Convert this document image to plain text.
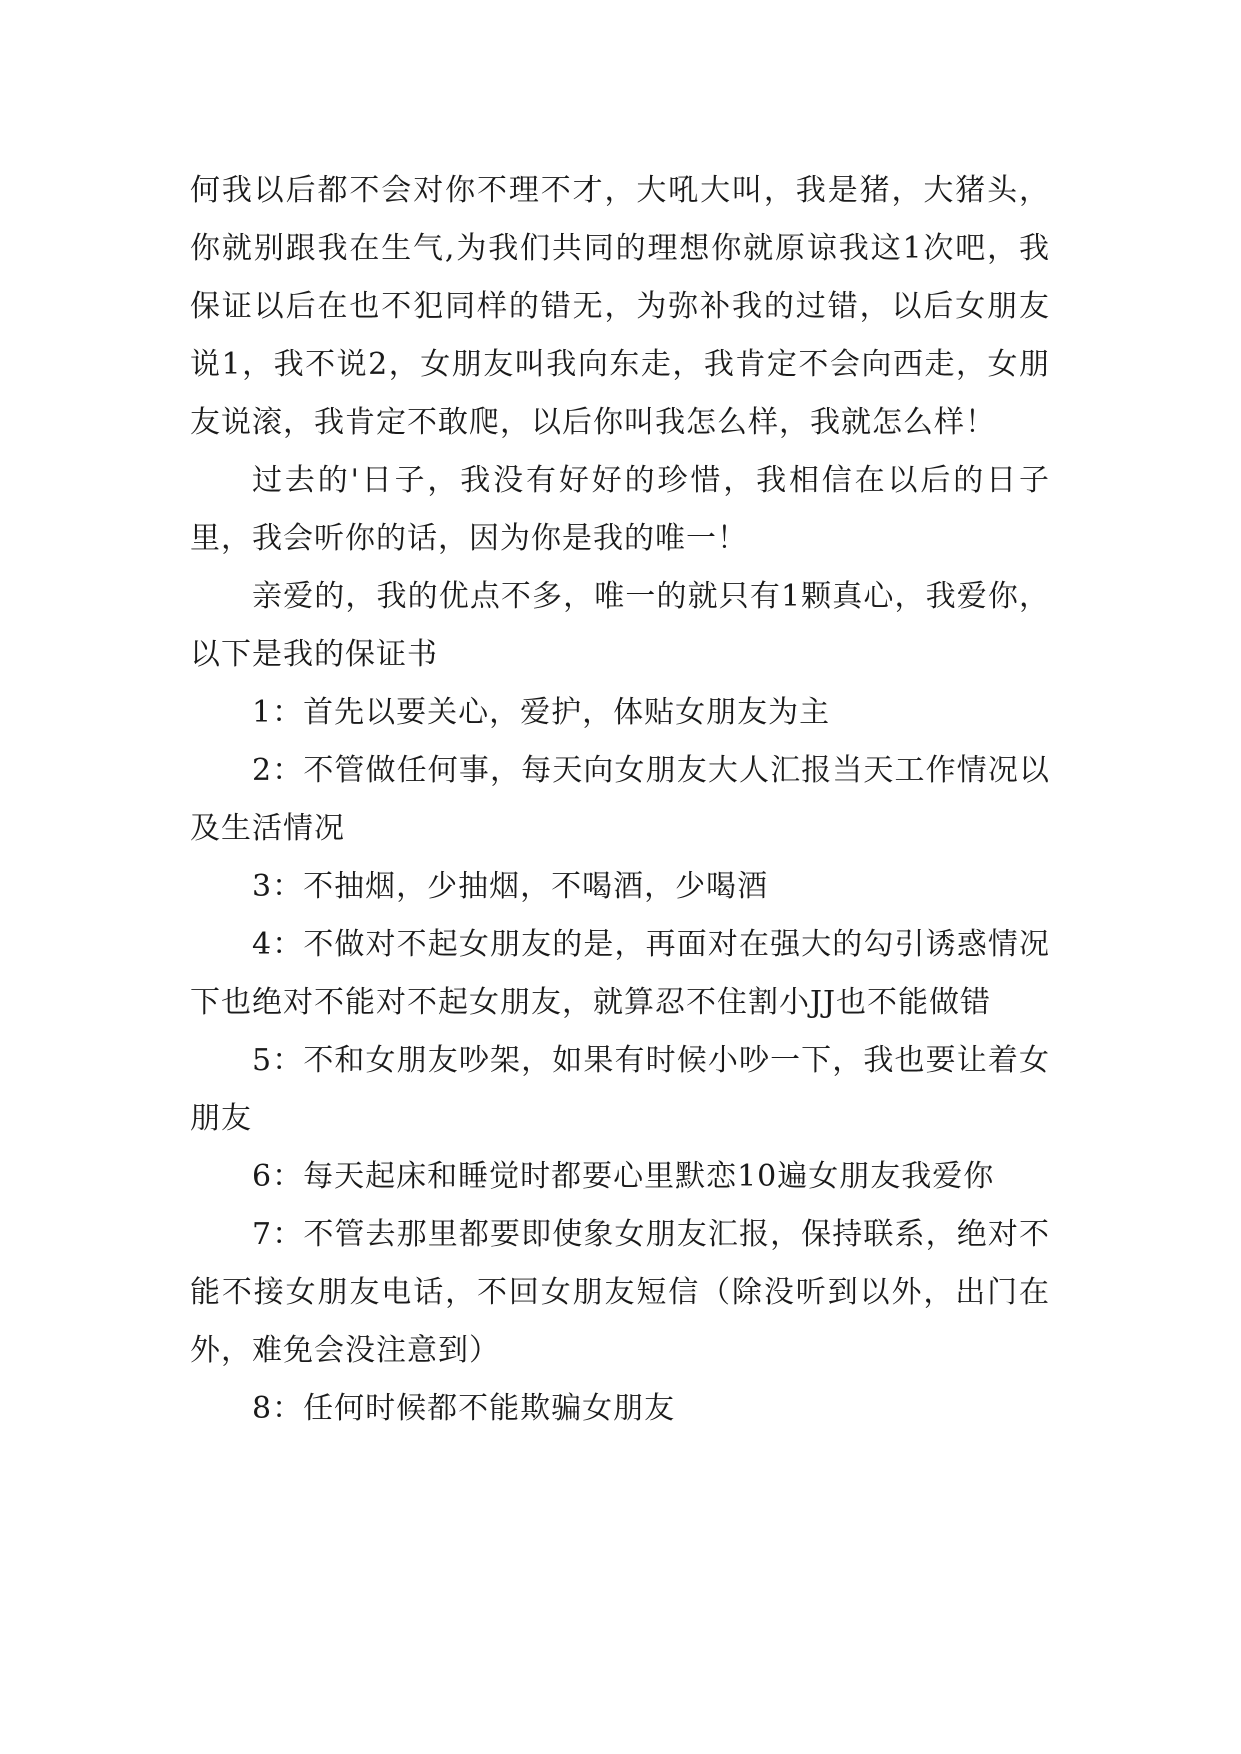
何我以后都不会对你不理不才，大吼大叫，我是猪，大猪头，你就别跟我在生气,为我们共同的理想你就原谅我这1次吧，我保证以后在也不犯同样的错无，为弥补我的过错，以后女朋友说1，我不说2，女朋友叫我向东走，我肯定不会向西走，女朋友说滚，我肯定不敢爬，以后你叫我怎么样，我就怎么样！

过去的'日子，我没有好好的珍惜，我相信在以后的日子里，我会听你的话，因为你是我的唯一！

亲爱的，我的优点不多，唯一的就只有1颗真心，我爱你，以下是我的保证书

1：首先以要关心，爱护，体贴女朋友为主

2：不管做任何事，每天向女朋友大人汇报当天工作情况以及生活情况

3：不抽烟，少抽烟，不喝酒，少喝酒

4：不做对不起女朋友的是，再面对在强大的勾引诱惑情况下也绝对不能对不起女朋友，就算忍不住割小JJ也不能做错

5：不和女朋友吵架，如果有时候小吵一下，我也要让着女朋友

6：每天起床和睡觉时都要心里默恋10遍女朋友我爱你

7：不管去那里都要即使象女朋友汇报，保持联系，绝对不能不接女朋友电话，不回女朋友短信（除没听到以外，出门在外，难免会没注意到）

8：任何时候都不能欺骗女朋友
